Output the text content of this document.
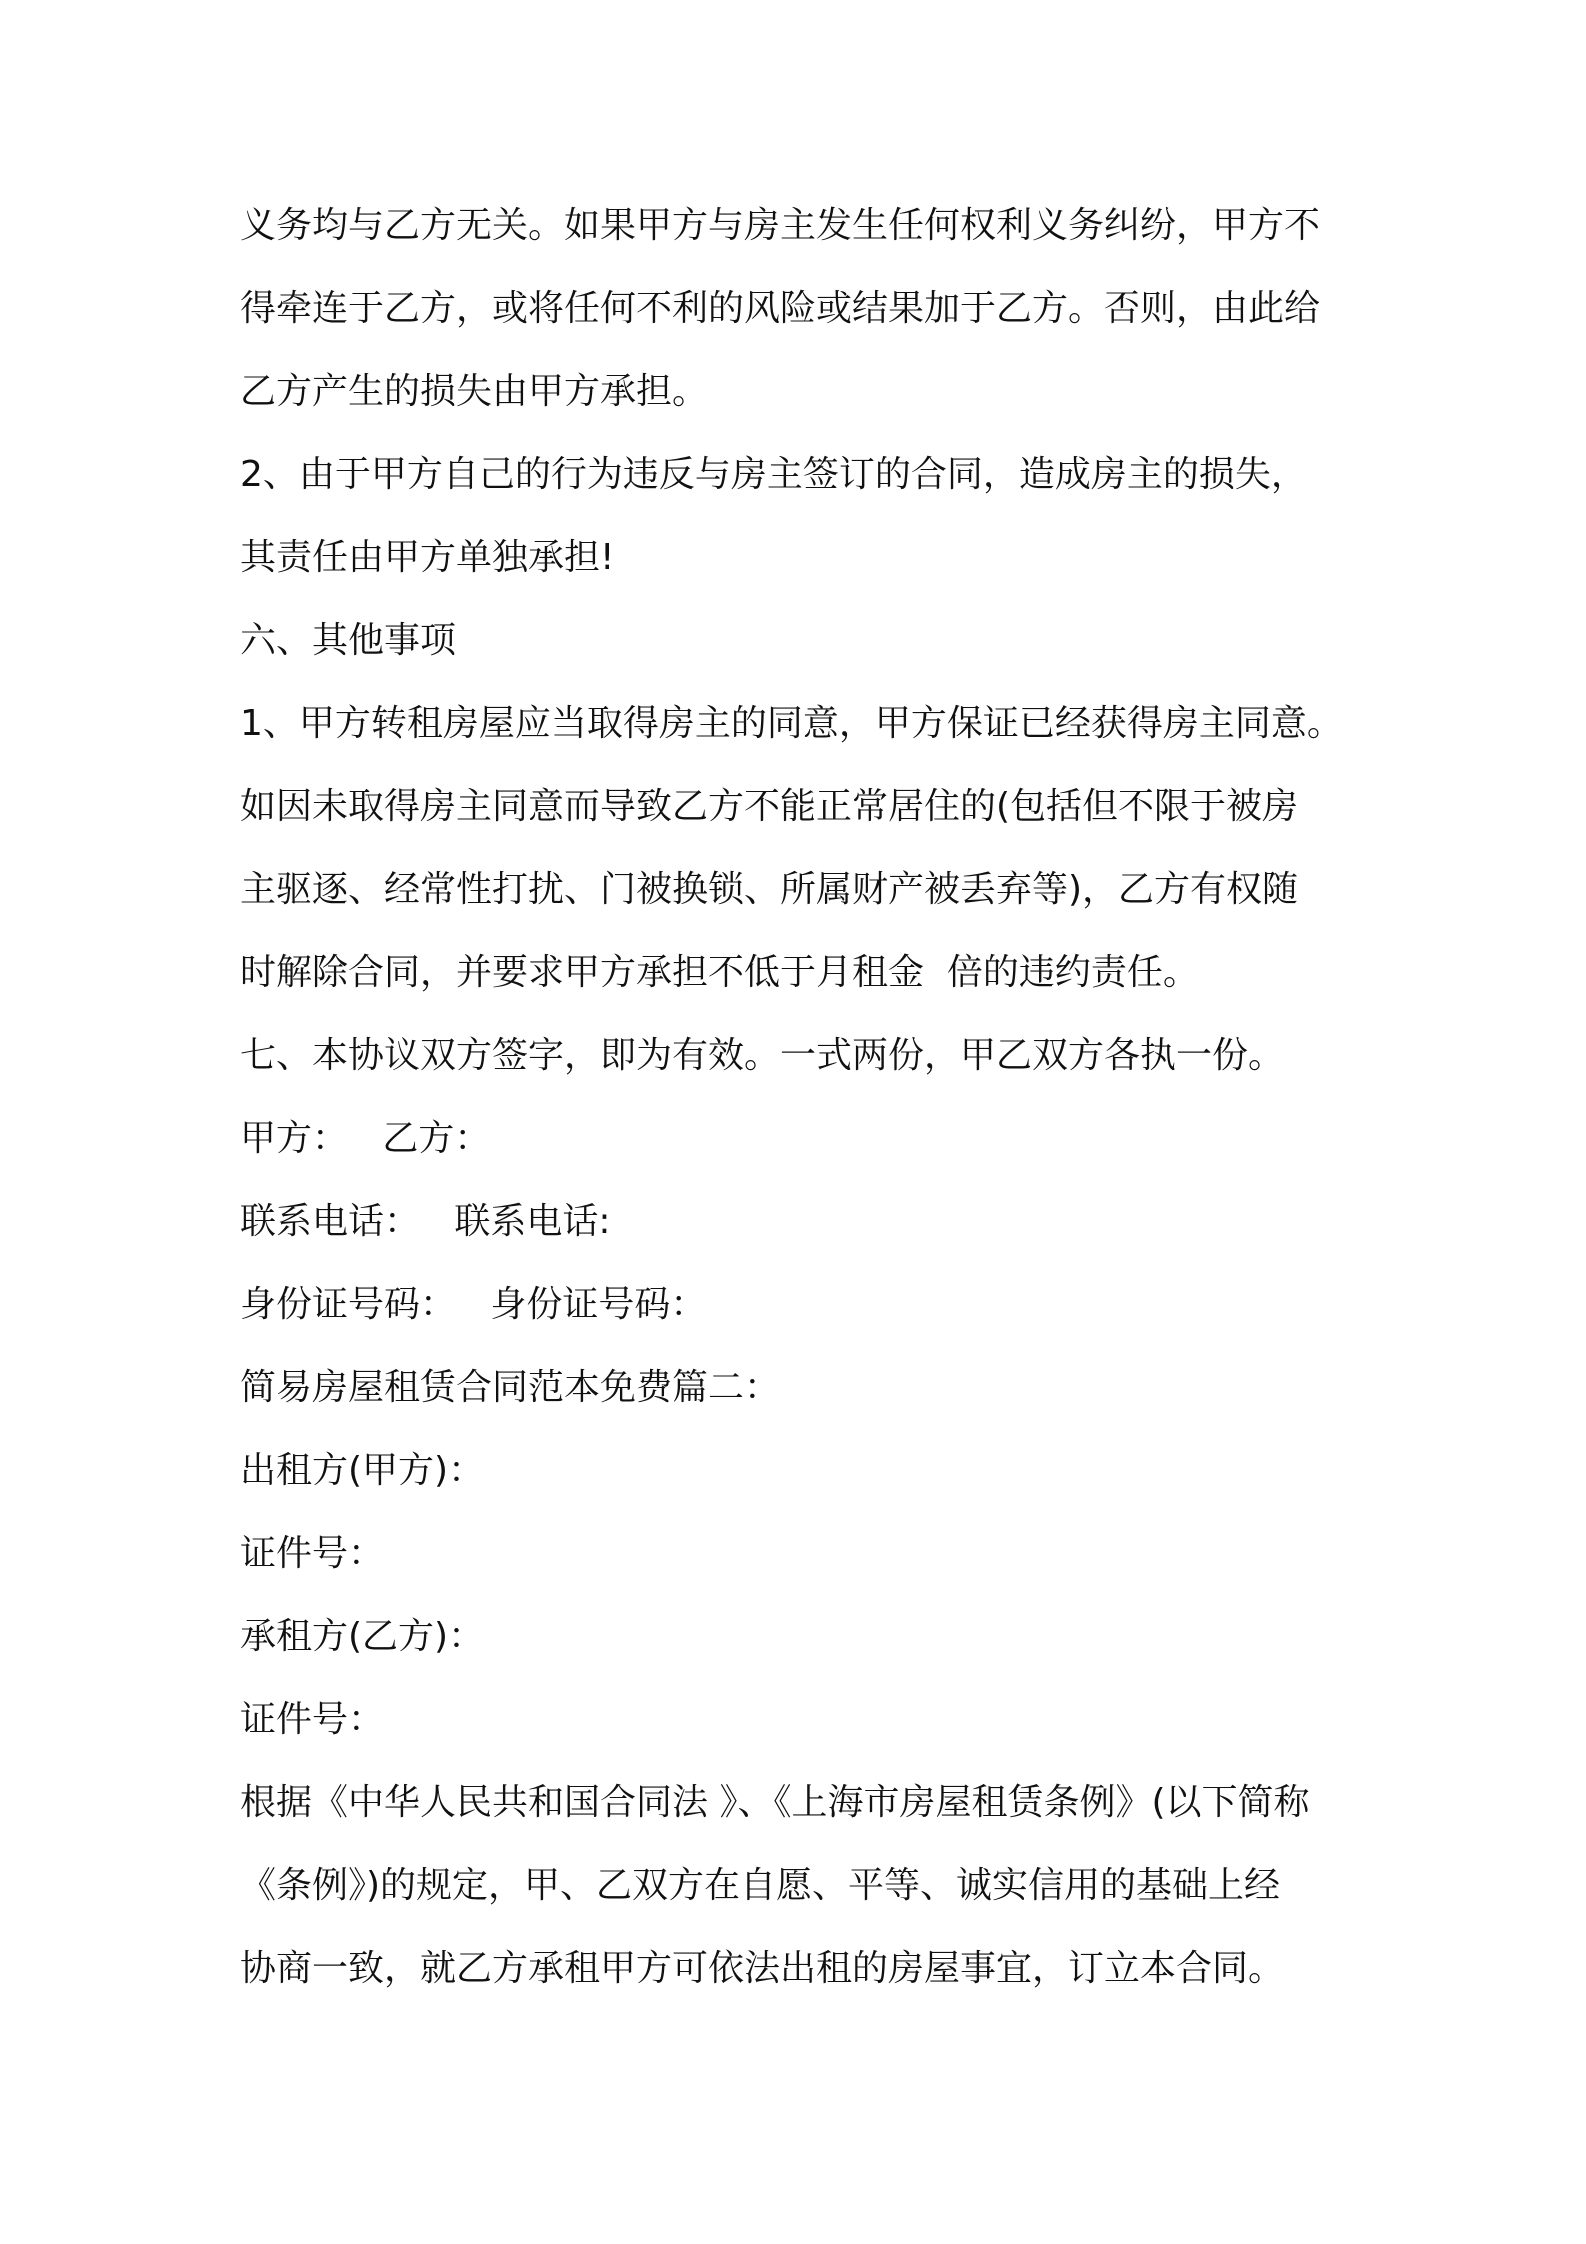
义务均与乙方无关。如果甲方与房主发生任何权利义务纠纷，甲方不

得牵连于乙方，或将任何不利的风险或结果加于乙方。否则，由此给

乙方产生的损失由甲方承担。

2、由于甲方自己的行为违反与房主签订的合同，造成房主的损失，

其责任由甲方单独承担!

六、其他事项

1、甲方转租房屋应当取得房主的同意，甲方保证已经获得房主同意。

如因未取得房主同意而导致乙方不能正常居住的(包括但不限于被房

主驱逐、经常性打扰、门被换锁、所属财产被丢弃等)，乙方有权随

时解除合同，并要求甲方承担不低于月租金  倍的违约责任。

七、本协议双方签字，即为有效。一式两份，甲乙双方各执一份。

甲方：   乙方：

联系电话：   联系电话:

身份证号码：   身份证号码：

简易房屋租赁合同范本免费篇二：

出租方(甲方)：

证件号：

承租方(乙方)：

证件号：

根据《中华人民共和国合同法 》、《上海市房屋租赁条例》(以下简称

《条例》)的规定，甲、乙双方在自愿、平等、诚实信用的基础上经

协商一致，就乙方承租甲方可依法出租的房屋事宜，订立本合同。
